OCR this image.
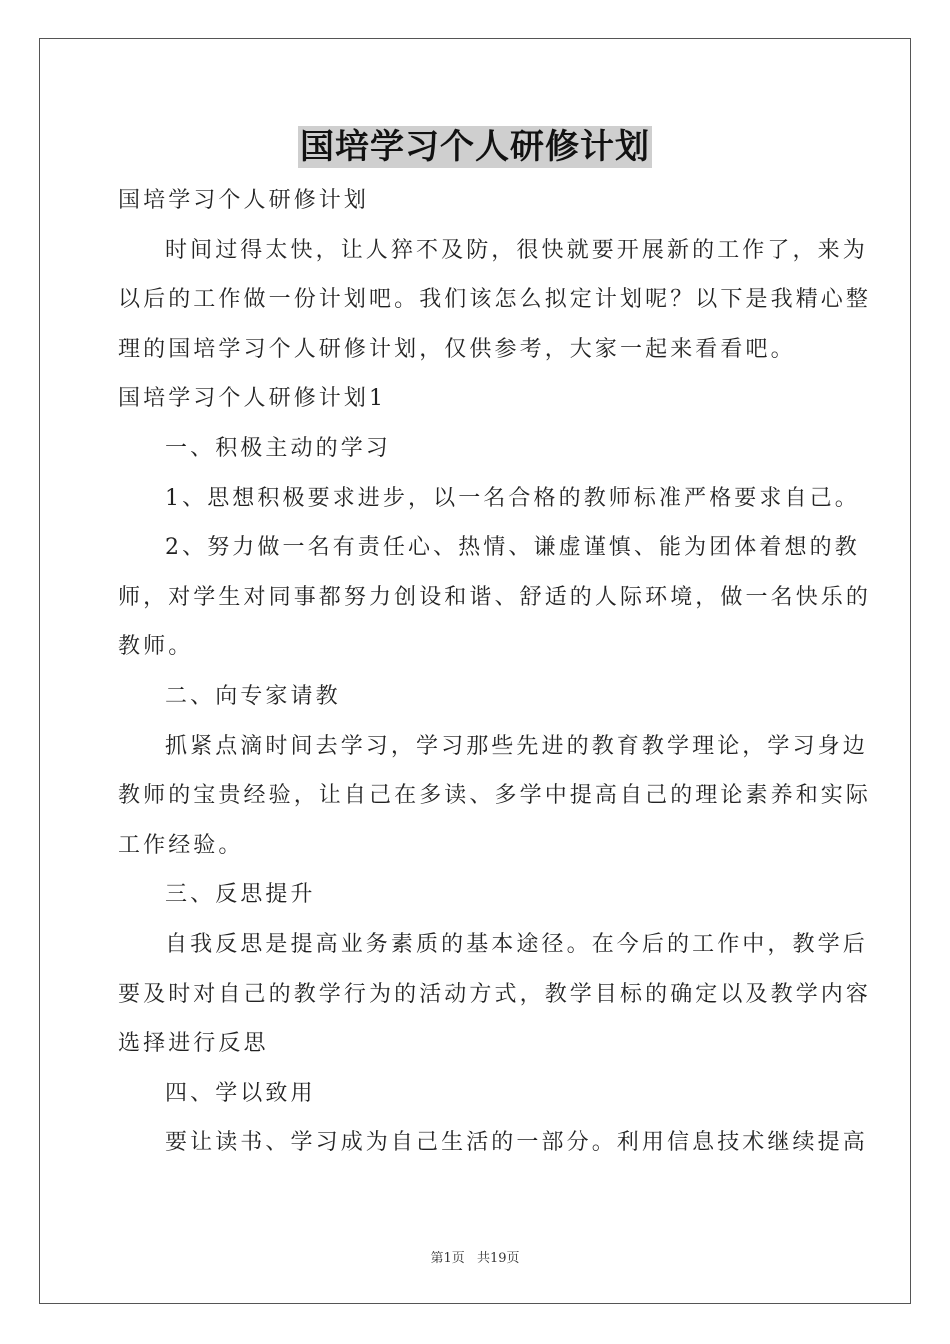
国培学习个人研修计划
国培学习个人研修计划
时间过得太快，让人猝不及防，很快就要开展新的工作了，来为
以后的工作做一份计划吧。我们该怎么拟定计划呢？以下是我精心整
理的国培学习个人研修计划，仅供参考，大家一起来看看吧。
国培学习个人研修计划1
一、积极主动的学习
1、思想积极要求进步，以一名合格的教师标准严格要求自己。
2、努力做一名有责任心、热情、谦虚谨慎、能为团体着想的教
师，对学生对同事都努力创设和谐、舒适的人际环境，做一名快乐的
教师。
二、向专家请教
抓紧点滴时间去学习，学习那些先进的教育教学理论，学习身边
教师的宝贵经验，让自己在多读、多学中提高自己的理论素养和实际
工作经验。
三、反思提升
自我反思是提高业务素质的基本途径。在今后的工作中，教学后
要及时对自己的教学行为的活动方式，教学目标的确定以及教学内容
选择进行反思
四、学以致用
要让读书、学习成为自己生活的一部分。利用信息技术继续提高
第1页 共19页
